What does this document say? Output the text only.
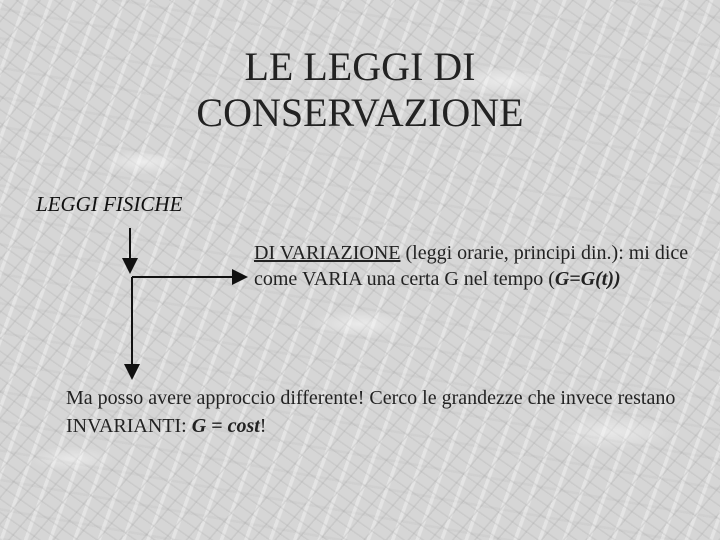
LE LEGGI DI
CONSERVAZIONE
LEGGI FISICHE
DI VARIAZIONE (leggi orarie, principi din.): mi dice come VARIA una certa G nel tempo (G=G(t))
Ma posso avere approccio differente! Cerco le grandezze che invece restano INVARIANTI: G = cost!
